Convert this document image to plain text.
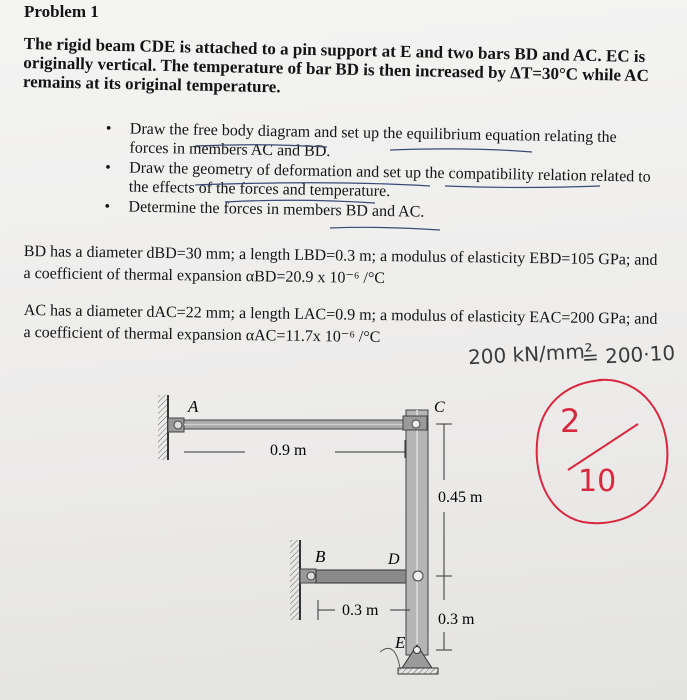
Problem 1
The rigid beam CDE is attached to a pin support at E and two bars BD and AC. EC is originally vertical. The temperature of bar BD is then increased by ΔT=30°C while AC remains at its original temperature.
• Draw the free body diagram and set up the equilibrium equation relating the forces in members AC and BD.
• Draw the geometry of deformation and set up the compatibility relation related to the effects of the forces and temperature.
• Determine the forces in members BD and AC.
BD has a diameter dBD=30 mm; a length LBD=0.3 m; a modulus of elasticity EBD=105 GPa; and a coefficient of thermal expansion αBD=20.9 x 10⁻⁶ /°C
AC has a diameter dAC=22 mm; a length LAC=0.9 m; a modulus of elasticity EAC=200 GPa; and a coefficient of thermal expansion αAC=11.7x 10⁻⁶ /°C
200 kN/mm²
= 200·10
2
10
A	C
B	D
E
0.9 m
0.45 m
0.3 m
0.3 m
